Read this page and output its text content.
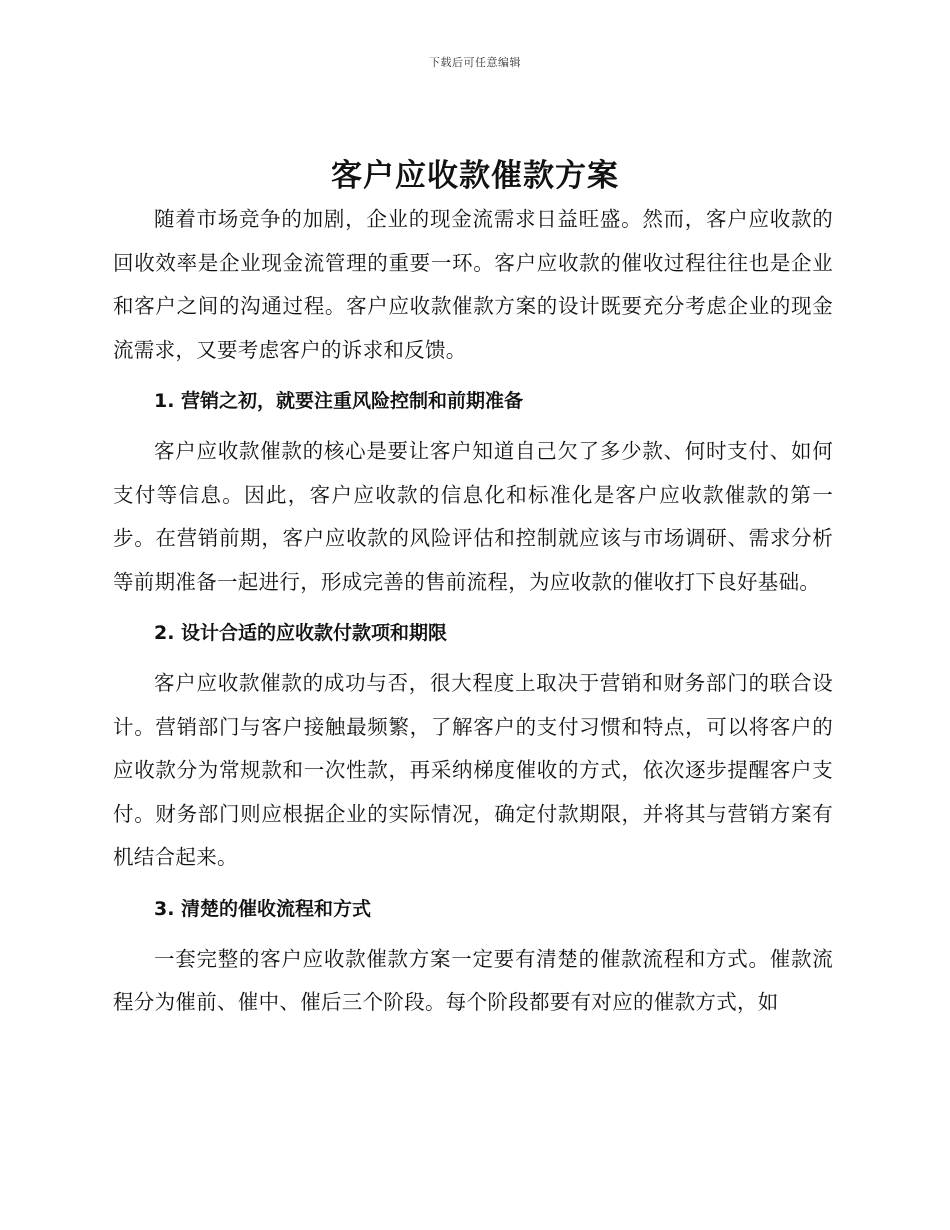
下载后可任意编辑
客户应收款催款方案

随着市场竞争的加剧，企业的现金流需求日益旺盛。然而，客户应收款的回收效率是企业现金流管理的重要一环。客户应收款的催收过程往往也是企业和客户之间的沟通过程。客户应收款催款方案的设计既要充分考虑企业的现金流需求，又要考虑客户的诉求和反馈。

1. 营销之初，就要注重风险控制和前期准备

客户应收款催款的核心是要让客户知道自己欠了多少款、何时支付、如何支付等信息。因此，客户应收款的信息化和标准化是客户应收款催款的第一步。在营销前期，客户应收款的风险评估和控制就应该与市场调研、需求分析等前期准备一起进行，形成完善的售前流程，为应收款的催收打下良好基础。

2. 设计合适的应收款付款项和期限

客户应收款催款的成功与否，很大程度上取决于营销和财务部门的联合设计。营销部门与客户接触最频繁，了解客户的支付习惯和特点，可以将客户的应收款分为常规款和一次性款，再采纳梯度催收的方式，依次逐步提醒客户支付。财务部门则应根据企业的实际情况，确定付款期限，并将其与营销方案有机结合起来。

3. 清楚的催收流程和方式

一套完整的客户应收款催款方案一定要有清楚的催款流程和方式。催款流程分为催前、催中、催后三个阶段。每个阶段都要有对应的催款方式，如
